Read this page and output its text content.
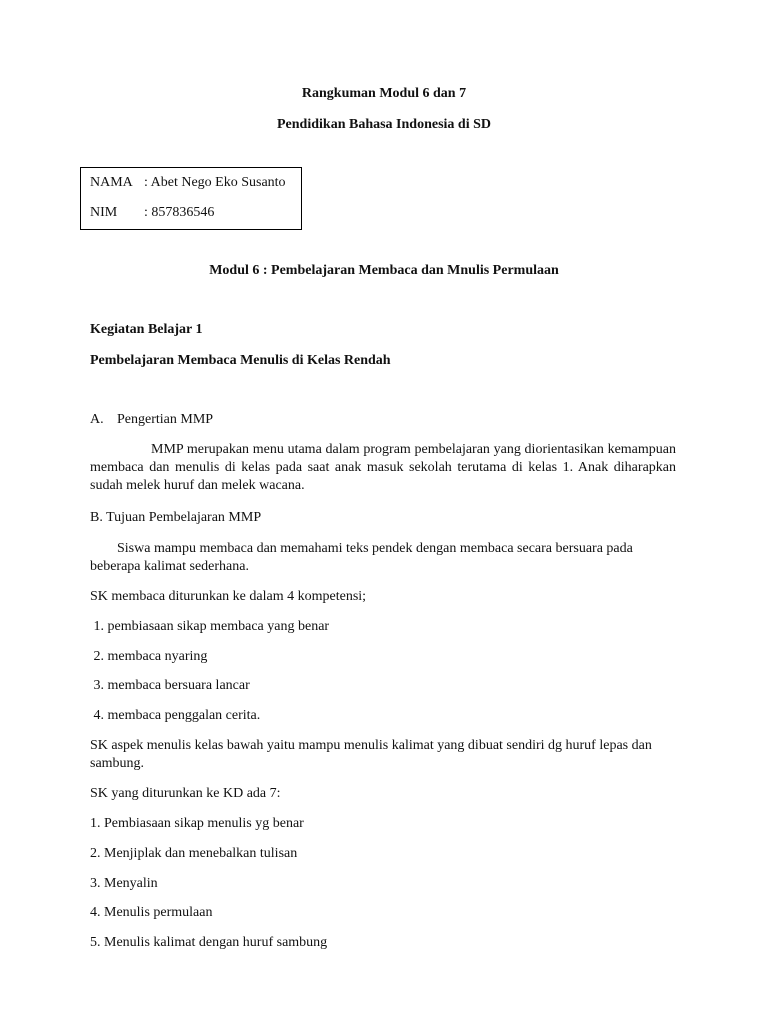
Rangkuman Modul 6 dan 7
Pendidikan Bahasa Indonesia di SD
NAMA : Abet Nego Eko Susanto
NIM : 857836546
Modul 6 : Pembelajaran Membaca dan Mnulis Permulaan
Kegiatan Belajar 1
Pembelajaran Membaca Menulis di Kelas Rendah
A. Pengertian MMP
MMP merupakan menu utama dalam program pembelajaran yang diorientasikan kemampuan membaca dan menulis di kelas pada saat anak masuk sekolah terutama di kelas 1. Anak diharapkan sudah melek huruf dan melek wacana.
B. Tujuan Pembelajaran MMP
Siswa mampu membaca dan memahami teks pendek dengan membaca secara bersuara pada beberapa kalimat sederhana.
SK membaca diturunkan ke dalam 4 kompetensi;
1. pembiasaan sikap membaca yang benar
2. membaca nyaring
3. membaca bersuara lancar
4. membaca penggalan cerita.
SK aspek menulis kelas bawah yaitu mampu menulis kalimat yang dibuat sendiri dg huruf lepas dan sambung.
SK yang diturunkan ke KD ada 7:
1. Pembiasaan sikap menulis yg benar
2. Menjiplak dan menebalkan tulisan
3. Menyalin
4. Menulis permulaan
5. Menulis kalimat dengan huruf sambung
